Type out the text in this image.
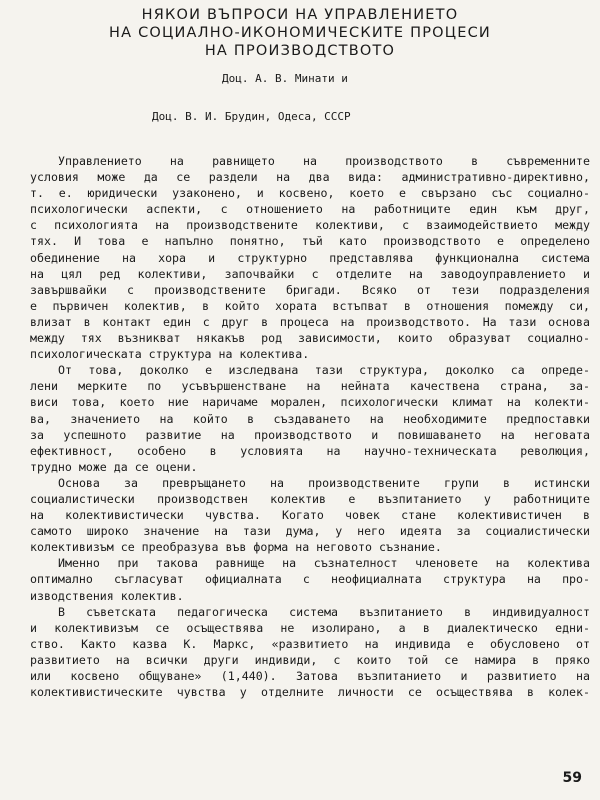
НЯКОИ ВЪПРОСИ НА УПРАВЛЕНИЕТО
НА СОЦИАЛНО-ИКОНОМИЧЕСКИТЕ ПРОЦЕСИ
НА ПРОИЗВОДСТВОТО
Доц. А. В. Минати и
Доц. В. И. Брудин, Одеса, СССР
Управлението на равнището на производството в съвременните
условия може да се раздели на два вида: административно-директивно,
т. е. юридически узаконено, и косвено, което е свързано със социално-
психологически аспекти, с отношението на работниците един към друг,
с психологията на производствените колективи, с взаимодействието между
тях. И това е напълно понятно, тъй като производството е определено
обединение на хора и структурно представлява функционална система
на цял ред колективи, започвайки с отделите на заводоуправлението и
завършвайки с производствените бригади. Всяко от тези подразделения
е първичен колектив, в който хората встъпват в отношения помежду си,
влизат в контакт един с друг в процеса на производството. На тази основа
между тях възникват някакъв род зависимости, които образуват социално-
психологическата структура на колектива.
От това, доколко е изследвана тази структура, доколко са опреде-
лени мерките по усъвършенстване на нейната качествена страна, за-
виси това, което ние наричаме морален, психологически климат на колекти-
ва, значението на който в създаването на необходимите предпоставки
за успешното развитие на производството и повишаването на неговата
ефективност, особено в условията на научно-техническата революция,
трудно може да се оцени.
Основа за превръщането на производствените групи в истински
социалистически производствен колектив е възпитанието у работниците
на колективистически чувства. Когато човек стане колективистичен в
самото широко значение на тази дума, у него идеята за социалистически
колективизъм се преобразува във форма на неговото съзнание.
Именно при такова равнище на съзнателност членовете на колектива
оптимално съгласуват официалната с неофициалната структура на про-
изводствения колектив.
В съветската педагогическа система възпитанието в индивидуалност
и колективизъм се осъществява не изолирано, а в диалектическо едни-
ство. Както казва К. Маркс, «развитието на индивида е обусловено от
развитието на всички други индивиди, с които той се намира в пряко
или косвено общуване» (1,440). Затова възпитанието и развитието на
колективистическите чувства у отделните личности се осъществява в колек-
59
